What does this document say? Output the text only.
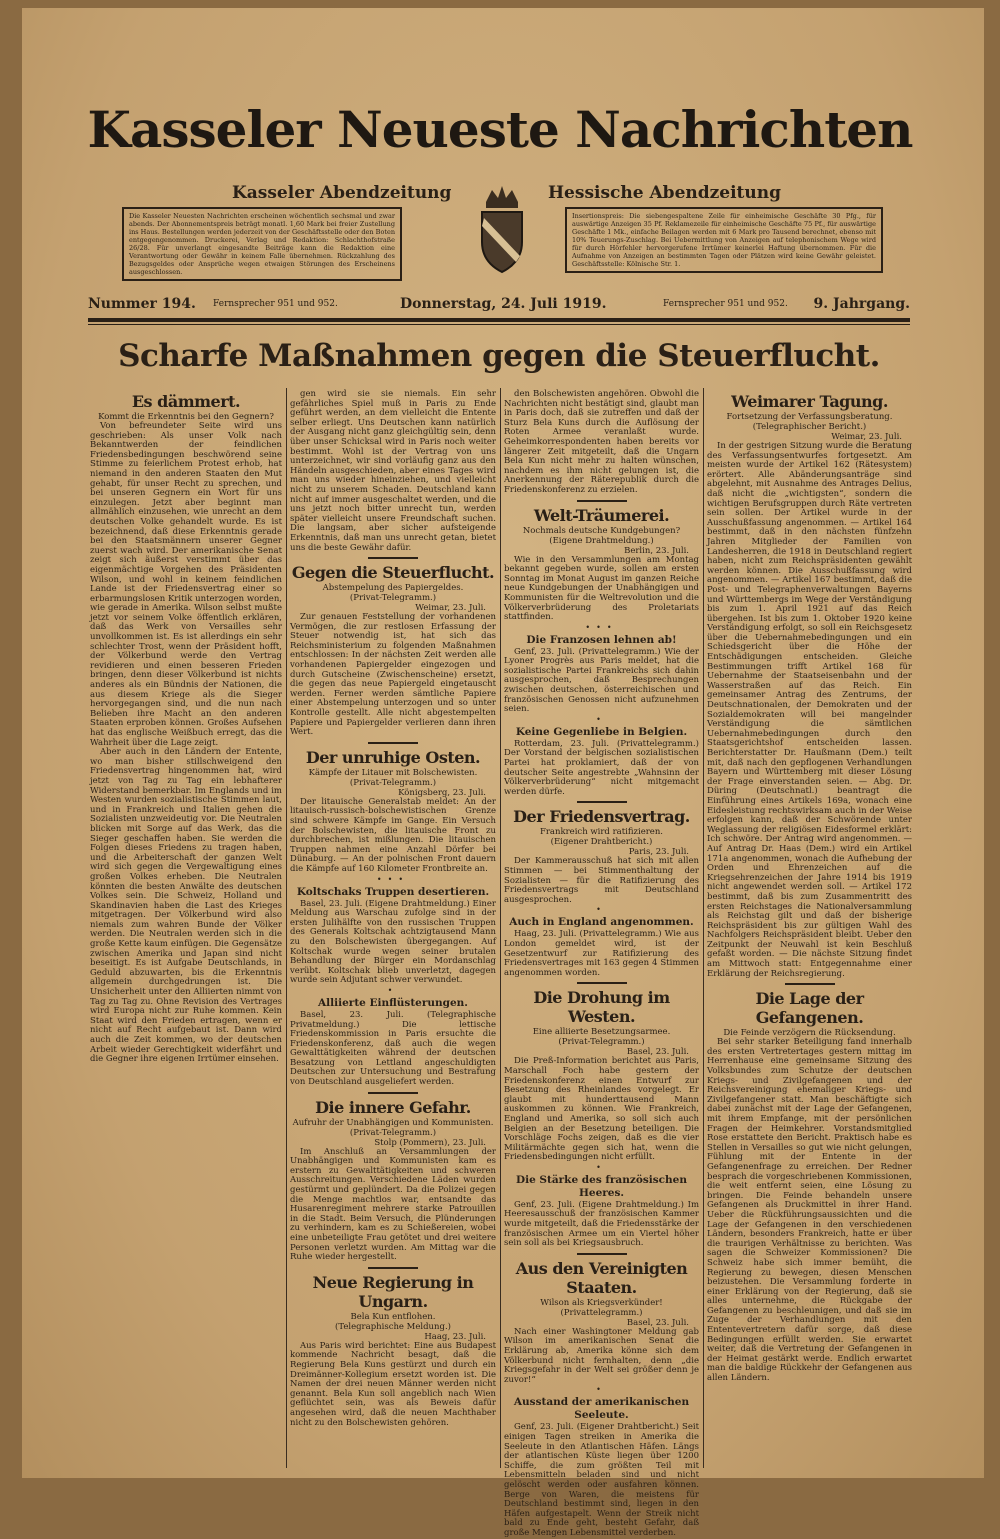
Kasseler Neueste Nachrichten
Kasseler Abendzeitung	Hessische Abendzeitung
Die Kasseler Neuesten Nachrichten erscheinen wöchentlich sechsmal und zwar abends. Der Abonnementspreis beträgt monatl. 1,60 Mark bei freier Zustellung ins Haus. Bestellungen werden jederzeit von der Geschäftsstelle oder den Boten entgegengenommen. Druckerei, Verlag und Redaktion: Schlachthofstraße 26/28. Für unverlangt eingesandte Beiträge kann die Redaktion eine Verantwortung oder Gewähr in keinem Falle übernehmen. Rückzahlung des Bezugsgeldes oder Ansprüche wegen etwaigen Störungen des Erscheinens ausgeschlossen.
Insertionspreis: Die siebengespaltene Zeile für einheimische Geschäfte 30 Pfg., für auswärtige Anzeigen 35 Pf. Reklamezeile für einheimische Geschäfte 75 Pf., für auswärtige Geschäfte 1 Mk., einfache Beilagen werden mit 6 Mark pro Tausend berechnet, ebenso mit 10% Teuerungs-Zuschlag. Bei Uebermittlung von Anzeigen auf telephonischem Wege wird für durch Hörfehler hervorgerufene Irrtümer keinerlei Haftung übernommen. Für die Aufnahme von Anzeigen an bestimmten Tagen oder Plätzen wird keine Gewähr geleistet. Geschäftsstelle: Kölnische Str. 1.
Nummer 194. Fernsprecher 951 und 952.	Donnerstag, 24. Juli 1919.	Fernsprecher 951 und 952. 9. Jahrgang.
Scharfe Maßnahmen gegen die Steuerflucht.
Es dämmert.
Kommt die Erkenntnis bei den Gegnern?

Von befreundeter Seite wird uns geschrieben: Als unser Volk nach Bekanntwerden der feindlichen Friedensbedingungen beschwörend seine Stimme zu feierlichem Protest erhob, hat niemand in den anderen Staaten den Mut gehabt, für unser Recht zu sprechen, und bei unseren Gegnern ein Wort für uns einzulegen. Jetzt aber beginnt man allmählich einzusehen, wie unrecht an dem deutschen Volke gehandelt wurde. Es ist bezeichnend, daß diese Erkenntnis gerade bei den Staatsmännern unserer Gegner zuerst wach wird. Der amerikanische Senat zeigt sich äußerst verstimmt über das eigenmächtige Vorgehen des Präsidenten Wilson, und wohl in keinem feindlichen Lande ist der Friedensvertrag einer so erbarmungslosen Kritik unterzogen worden, wie gerade in Amerika. Wilson selbst mußte jetzt vor seinem Volke öffentlich erklären, daß das Werk von Versailles sehr unvollkommen ist. Es ist allerdings ein sehr schlechter Trost, wenn der Präsident hofft, der Völkerbund werde den Vertrag revidieren und einen besseren Frieden bringen, denn dieser Völkerbund ist nichts anderes als ein Bündnis der Nationen, die aus diesem Kriege als die Sieger hervorgegangen sind, und die nun nach Belieben ihre Macht an den anderen Staaten erproben können. Großes Aufsehen hat das englische Weißbuch erregt, das die Wahrheit über die Lage zeigt.

Aber auch in den Ländern der Entente, wo man bisher stillschweigend den Friedensvertrag hingenommen hat, wird jetzt von Tag zu Tag ein lebhafterer Widerstand bemerkbar. Im Englands und im Westen wurden sozialistische Stimmen laut, und in Frankreich und Italien gehen die Sozialisten unzweideutig vor. Die Neutralen blicken mit Sorge auf das Werk, das die Sieger geschaffen haben. Sie werden die Folgen dieses Friedens zu tragen haben, und die Arbeiterschaft der ganzen Welt wird sich gegen die Vergewaltigung eines großen Volkes erheben. Die Neutralen könnten die besten Anwälte des deutschen Volkes sein. Die Schweiz, Holland und Skandinavien haben die Last des Krieges mitgetragen. Der Völkerbund wird also niemals zum wahren Bunde der Völker werden. Die Neutralen werden sich in die große Kette kaum einfügen. Die Gegensätze zwischen Amerika und Japan sind nicht beseitigt. Es ist Aufgabe Deutschlands, in Geduld abzuwarten, bis die Erkenntnis allgemein durchgedrungen ist. Die Unsicherheit unter den Alliierten nimmt von Tag zu Tag zu. Ohne Revision des Vertrages wird Europa nicht zur Ruhe kommen. Kein Staat wird den Frieden ertragen, wenn er nicht auf Recht aufgebaut ist. Dann wird auch die Zeit kommen, wo der deutschen Arbeit wieder Gerechtigkeit widerfährt und die Gegner ihre eigenen Irrtümer einsehen.

gen wird sie sie niemals. Ein sehr gefährliches Spiel muß in Paris zu Ende geführt werden, an dem vielleicht die Entente selber erliegt. Uns Deutschen kann natürlich der Ausgang nicht ganz gleichgültig sein, denn über unser Schicksal wird in Paris noch weiter bestimmt. Wohl ist der Vertrag von uns unterzeichnet, wir sind vorläufig ganz aus den Händeln ausgeschieden, aber eines Tages wird man uns wieder hineinziehen, und vielleicht nicht zu unserem Schaden. Deutschland kann nicht auf immer ausgeschaltet werden, und die uns jetzt noch bitter unrecht tun, werden später vielleicht unsere Freundschaft suchen. Die langsam, aber sicher aufsteigende Erkenntnis, daß man uns unrecht getan, bietet uns die beste Gewähr dafür.

Gegen die Steuerflucht.
Abstempelung des Papiergeldes.
(Privat-Telegramm.)
Weimar, 23. Juli.

Zur genauen Feststellung der vorhandenen Vermögen, die zur restlosen Erfassung der Steuer notwendig ist, hat sich das Reichsministerium zu folgenden Maßnahmen entschlossen: In der nächsten Zeit werden alle vorhandenen Papiergelder eingezogen und durch Gutscheine (Zwischenscheine) ersetzt, die gegen das neue Papiergeld eingetauscht werden. Ferner werden sämtliche Papiere einer Abstempelung unterzogen und so unter Kontrolle gestellt. Alle nicht abgestempelten Papiere und Papiergelder verlieren dann ihren Wert.

Der unruhige Osten.
Kämpfe der Litauer mit Bolschewisten.
(Privat-Telegramm.)
Königsberg, 23. Juli.

Der litauische Generalstab meldet: An der litauisch-russisch-bolschewistischen Grenze sind schwere Kämpfe im Gange. Ein Versuch der Bolschewisten, die litauische Front zu durchbrechen, ist mißlungen. Die litauischen Truppen nahmen eine Anzahl Dörfer bei Dünaburg. — An der polnischen Front dauern die Kämpfe auf 160 Kilometer Frontbreite an.

•••
Koltschaks Truppen desertieren.

Basel, 23. Juli. (Eigene Drahtmeldung.) Einer Meldung aus Warschau zufolge sind in der ersten Julihälfte von den russischen Truppen des Generals Koltschak achtzigtausend Mann zu den Bolschewisten übergegangen. Auf Koltschak wurde wegen seiner brutalen Behandlung der Bürger ein Mordanschlag verübt. Koltschak blieb unverletzt, dagegen wurde sein Adjutant schwer verwundet.

•
Alliierte Einflüsterungen.

Basel, 23. Juli. (Telegraphische Privatmeldung.) Die lettische Friedenskommission in Paris ersuchte die Friedenskonferenz, daß auch die wegen Gewalttätigkeiten während der deutschen Besatzung von Lettland angeschuldigten Deutschen zur Untersuchung und Bestrafung von Deutschland ausgeliefert werden.

Die innere Gefahr.
Aufruhr der Unabhängigen und Kommunisten.
(Privat-Telegramm.)
Stolp (Pommern), 23. Juli.

Im Anschluß an Versammlungen der Unabhängigen und Kommunisten kam es erstern zu Gewalttätigkeiten und schweren Ausschreitungen. Verschiedene Läden wurden gestürmt und geplündert. Da die Polizei gegen die Menge machtlos war, entsandte das Husarenregiment mehrere starke Patrouillen in die Stadt. Beim Versuch, die Plünderungen zu verhindern, kam es zu Schießereien, wobei eine unbeteiligte Frau getötet und drei weitere Personen verletzt wurden. Am Mittag war die Ruhe wieder hergestellt.

Neue Regierung in Ungarn.
Bela Kun entflohen.
(Telegraphische Meldung.)
Haag, 23. Juli.

Aus Paris wird berichtet: Eine aus Budapest kommende Nachricht besagt, daß die Regierung Bela Kuns gestürzt und durch ein Dreimänner-Kollegium ersetzt worden ist. Die Namen der drei neuen Männer werden nicht genannt. Bela Kun soll angeblich nach Wien geflüchtet sein, was als Beweis dafür angesehen wird, daß die neuen Machthaber nicht zu den Bolschewisten gehören.

den Bolschewisten angehören. Obwohl die Nachrichten nicht bestätigt sind, glaubt man in Paris doch, daß sie zutreffen und daß der Sturz Bela Kuns durch die Auflösung der Roten Armee veranlaßt wurde. Geheimkorrespondenten haben bereits vor längerer Zeit mitgeteilt, daß die Ungarn Bela Kun nicht mehr zu halten wünschen, nachdem es ihm nicht gelungen ist, die Anerkennung der Räterepublik durch die Friedenskonferenz zu erzielen.

Welt-Träumerei.
Nochmals deutsche Kundgebungen?
(Eigene Drahtmeldung.)
Berlin, 23. Juli.

Wie in den Versammlungen am Montag bekannt gegeben wurde, sollen am ersten Sonntag im Monat August im ganzen Reiche neue Kundgebungen der Unabhängigen und Kommunisten für die Weltrevolution und die Völkerverbrüderung des Proletariats stattfinden.

•••
Die Franzosen lehnen ab!

Genf, 23. Juli. (Privattelegramm.) Wie der Lyoner Progrès aus Paris meldet, hat die sozialistische Partei Frankreichs sich dahin ausgesprochen, daß Besprechungen zwischen deutschen, österreichischen und französischen Genossen nicht aufzunehmen seien.

•
Keine Gegenliebe in Belgien.

Rotterdam, 23. Juli. (Privattelegramm.) Der Vorstand der belgischen sozialistischen Partei hat proklamiert, daß der von deutscher Seite angestrebte „Wahnsinn der Völkerverbrüderung“ nicht mitgemacht werden dürfe.

Der Friedensvertrag.
Frankreich wird ratifizieren.
(Eigener Drahtbericht.)
Paris, 23. Juli.

Der Kammerausschuß hat sich mit allen Stimmen — bei Stimmenthaltung der Sozialisten — für die Ratifizierung des Friedensvertrags mit Deutschland ausgesprochen.

•
Auch in England angenommen.

Haag, 23. Juli. (Privattelegramm.) Wie aus London gemeldet wird, ist der Gesetzentwurf zur Ratifizierung des Friedensvertrages mit 163 gegen 4 Stimmen angenommen worden.

Die Drohung im Westen.
Eine alliierte Besetzungsarmee.
(Privat-Telegramm.)
Basel, 23. Juli.

Die Preß-Information berichtet aus Paris, Marschall Foch habe gestern der Friedenskonferenz einen Entwurf zur Besetzung des Rheinlandes vorgelegt. Er glaubt mit hunderttausend Mann auskommen zu können. Wie Frankreich, England und Amerika, so soll sich auch Belgien an der Besetzung beteiligen. Die Vorschläge Fochs zeigen, daß es die vier Militärmächte gegen sich hat, wenn die Friedensbedingungen nicht erfüllt.

•
Die Stärke des französischen Heeres.

Genf, 23. Juli. (Eigene Drahtmeldung.) Im Heeresausschuß der französischen Kammer wurde mitgeteilt, daß die Friedensstärke der französischen Armee um ein Viertel höher sein soll als bei Kriegsausbruch.

Aus den Vereinigten Staaten.
Wilson als Kriegsverkünder!
(Privattelegramm.)
Basel, 23. Juli.

Nach einer Washingtoner Meldung gab Wilson im amerikanischen Senat die Erklärung ab, Amerika könne sich dem Völkerbund nicht fernhalten, denn „die Kriegsgefahr in der Welt sei größer denn je zuvor!“

•
Ausstand der amerikanischen Seeleute.

Genf, 23. Juli. (Eigener Drahtbericht.) Seit einigen Tagen streiken in Amerika die Seeleute in den Atlantischen Häfen. Längs der atlantischen Küste liegen über 1200 Schiffe, die zum größten Teil mit Lebensmitteln beladen sind und nicht gelöscht werden oder ausfahren können. Berge von Waren, die meistens für Deutschland bestimmt sind, liegen in den Häfen aufgestapelt. Wenn der Streik nicht bald zu Ende geht, besteht Gefahr, daß große Mengen Lebensmittel verderben.

Weimarer Tagung.
Fortsetzung der Verfassungsberatung.
(Telegraphischer Bericht.)
Weimar, 23. Juli.

In der gestrigen Sitzung wurde die Beratung des Verfassungsentwurfes fortgesetzt. Am meisten wurde der Artikel 162 (Rätesystem) erörtert. Alle Abänderungsanträge sind abgelehnt, mit Ausnahme des Antrages Delius, daß nicht die „wichtigsten“, sondern die wichtigen Berufsgruppen durch Räte vertreten sein sollen. Der Artikel wurde in der Ausschußfassung angenommen. — Artikel 164 bestimmt, daß in den nächsten fünfzehn Jahren Mitglieder der Familien von Landesherren, die 1918 in Deutschland regiert haben, nicht zum Reichspräsidenten gewählt werden können. Die Ausschußfassung wird angenommen. — Artikel 167 bestimmt, daß die Post- und Telegraphenverwaltungen Bayerns und Württembergs im Wege der Verständigung bis zum 1. April 1921 auf das Reich übergehen. Ist bis zum 1. Oktober 1920 keine Verständigung erfolgt, so soll ein Reichsgesetz über die Uebernahmebedingungen und ein Schiedsgericht über die Höhe der Entschädigungen entscheiden. Gleiche Bestimmungen trifft Artikel 168 für Uebernahme der Staatseisenbahn und der Wasserstraßen auf das Reich. Ein gemeinsamer Antrag des Zentrums, der Deutschnationalen, der Demokraten und der Sozialdemokraten will bei mangelnder Verständigung die sämtlichen Uebernahmebedingungen durch den Staatsgerichtshof entscheiden lassen. Berichterstatter Dr. Haußmann (Dem.) teilt mit, daß nach den gepflogenen Verhandlungen Bayern und Württemberg mit dieser Lösung der Frage einverstanden seien. — Abg. Dr. Düring (Deutschnatl.) beantragt die Einführung eines Artikels 169a, wonach eine Eidesleistung rechtswirksam auch in der Weise erfolgen kann, daß der Schwörende unter Weglassung der religiösen Eidesformel erklärt: Ich schwöre. Der Antrag wird angenommen. — Auf Antrag Dr. Haas (Dem.) wird ein Artikel 171a angenommen, wonach die Aufhebung der Orden und Ehrenzeichen auf die Kriegsehrenzeichen der Jahre 1914 bis 1919 nicht angewendet werden soll. — Artikel 172 bestimmt, daß bis zum Zusammentritt des ersten Reichstages die Nationalversammlung als Reichstag gilt und daß der bisherige Reichspräsident bis zur gültigen Wahl des Nachfolgers Reichspräsident bleibt. Ueber den Zeitpunkt der Neuwahl ist kein Beschluß gefaßt worden. — Die nächste Sitzung findet am Mittwoch statt: Entgegennahme einer Erklärung der Reichsregierung.

Die Lage der Gefangenen.
Die Feinde verzögern die Rücksendung.

Bei sehr starker Beteiligung fand innerhalb des ersten Vertretertages gestern mittag im Herrenhause eine gemeinsame Sitzung des Volksbundes zum Schutze der deutschen Kriegs- und Zivilgefangenen und der Reichsvereinigung ehemaliger Kriegs- und Zivilgefangener statt. Man beschäftigte sich dabei zunächst mit der Lage der Gefangenen, mit ihrem Empfange, mit der persönlichen Fragen der Heimkehrer. Vorstandsmitglied Rose erstattete den Bericht. Praktisch habe es Stellen in Versailles so gut wie nicht gelungen, Fühlung mit der Entente in der Gefangenenfrage zu erreichen. Der Redner besprach die vorgeschriebenen Kommissionen, die weit entfernt seien, eine Lösung zu bringen. Die Feinde behandeln unsere Gefangenen als Druckmittel in ihrer Hand. Ueber die Rückführungsaussichten und die Lage der Gefangenen in den verschiedenen Ländern, besonders Frankreich, hatte er über die traurigen Verhältnisse zu berichten. Was sagen die Schweizer Kommissionen? Die Schweiz habe sich immer bemüht, die Regierung zu bewegen, diesen Menschen beizustehen. Die Versammlung forderte in einer Erklärung von der Regierung, daß sie alles unternehme, die Rückgabe der Gefangenen zu beschleunigen, und daß sie im Zuge der Verhandlungen mit den Ententevertretern dafür sorge, daß diese Bedingungen erfüllt werden. Sie erwartet weiter, daß die Vertretung der Gefangenen in der Heimat gestärkt werde. Endlich erwartet man die baldige Rückkehr der Gefangenen aus allen Ländern.
